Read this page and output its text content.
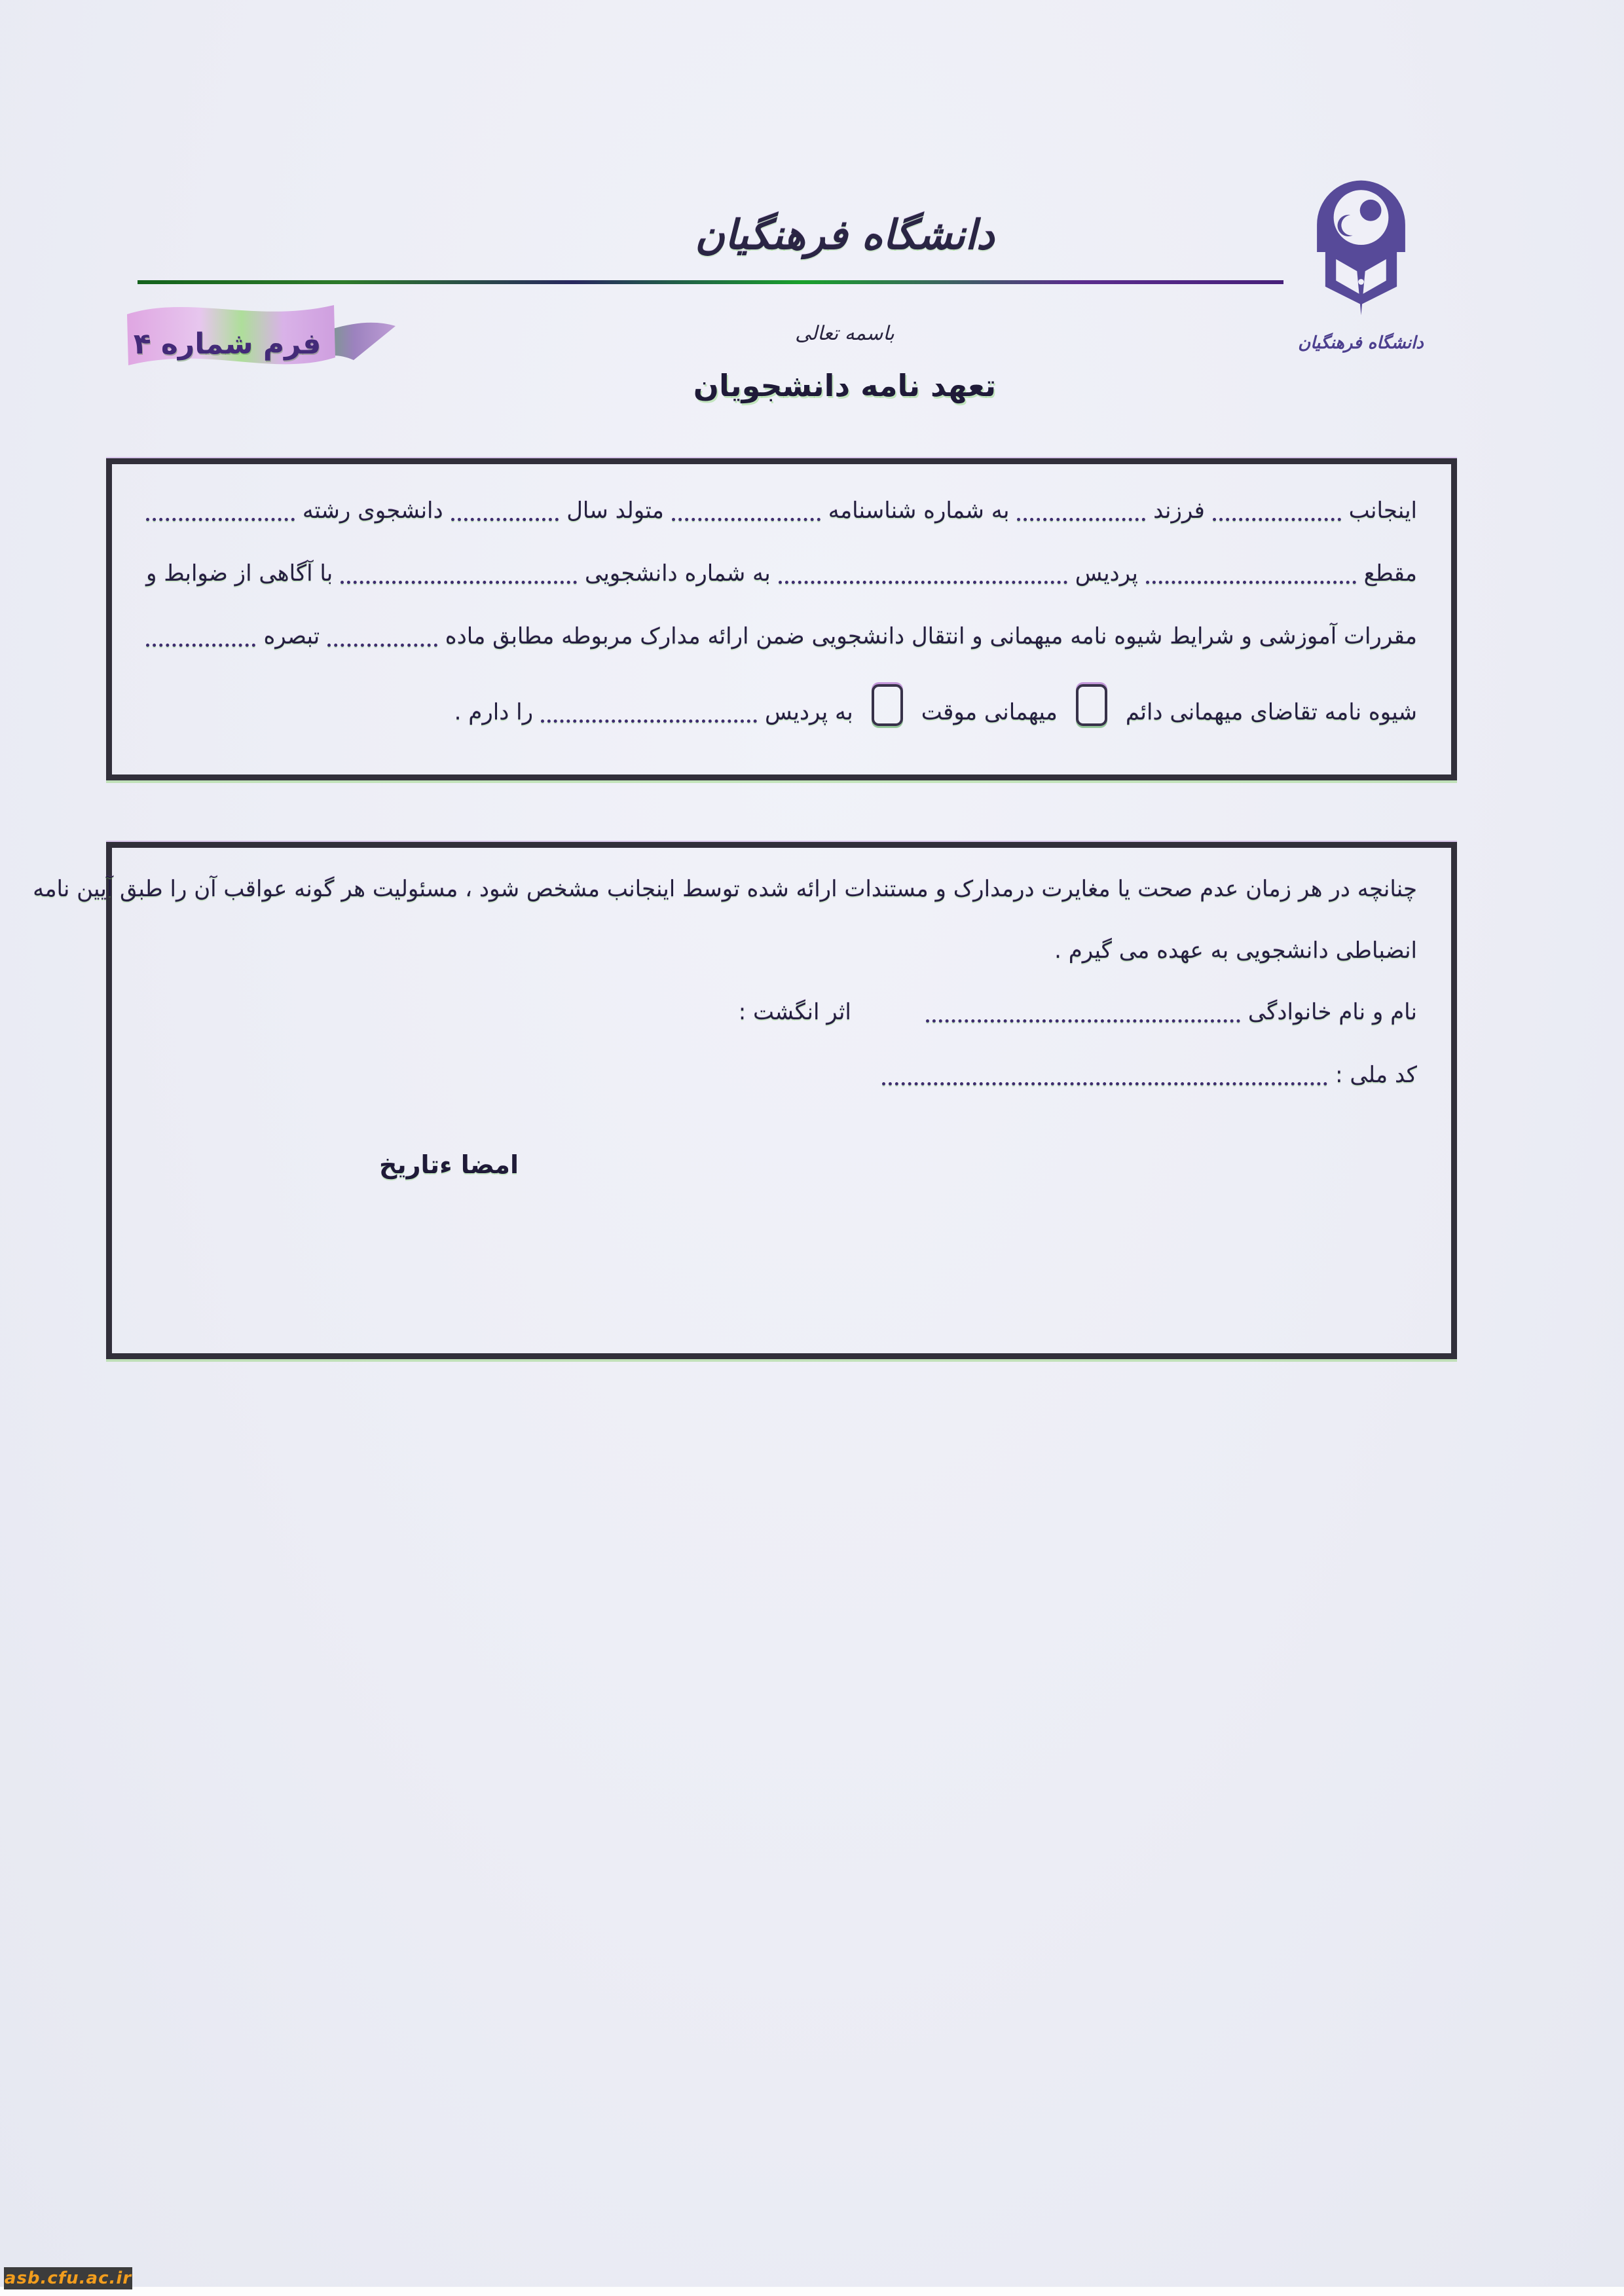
دانشگاه فرهنگیان
دانشگاه فرهنگیان
فرم شماره ۴	باسمه تعالی
تعهد نامه دانشجویان
اینجانب
فرزند
به شماره شناسنامه
متولد سال
دانشجوی رشته
مقطع
پردیس
به شماره دانشجویی
با آگاهی از ضوابط و
مقررات آموزشی و شرایط شیوه نامه میهمانی و انتقال دانشجویی ضمن ارائه مدارک مربوطه مطابق ماده
تبصره
شیوه نامه تقاضای میهمانی دائم
میهمانی موقت
به پردیس
را دارم .
چنانچه در هر زمان عدم صحت یا مغایرت درمدارک و مستندات ارائه شده توسط اینجانب مشخص شود ، مسئولیت هر گونه عواقب آن را طبق آیین نامه
انضباطی دانشجویی به عهده می گیرم .
نام و نام خانوادگی
اثر انگشت :
کد ملی :
امضا ءتاریخ
asb.cfu.ac.ir
